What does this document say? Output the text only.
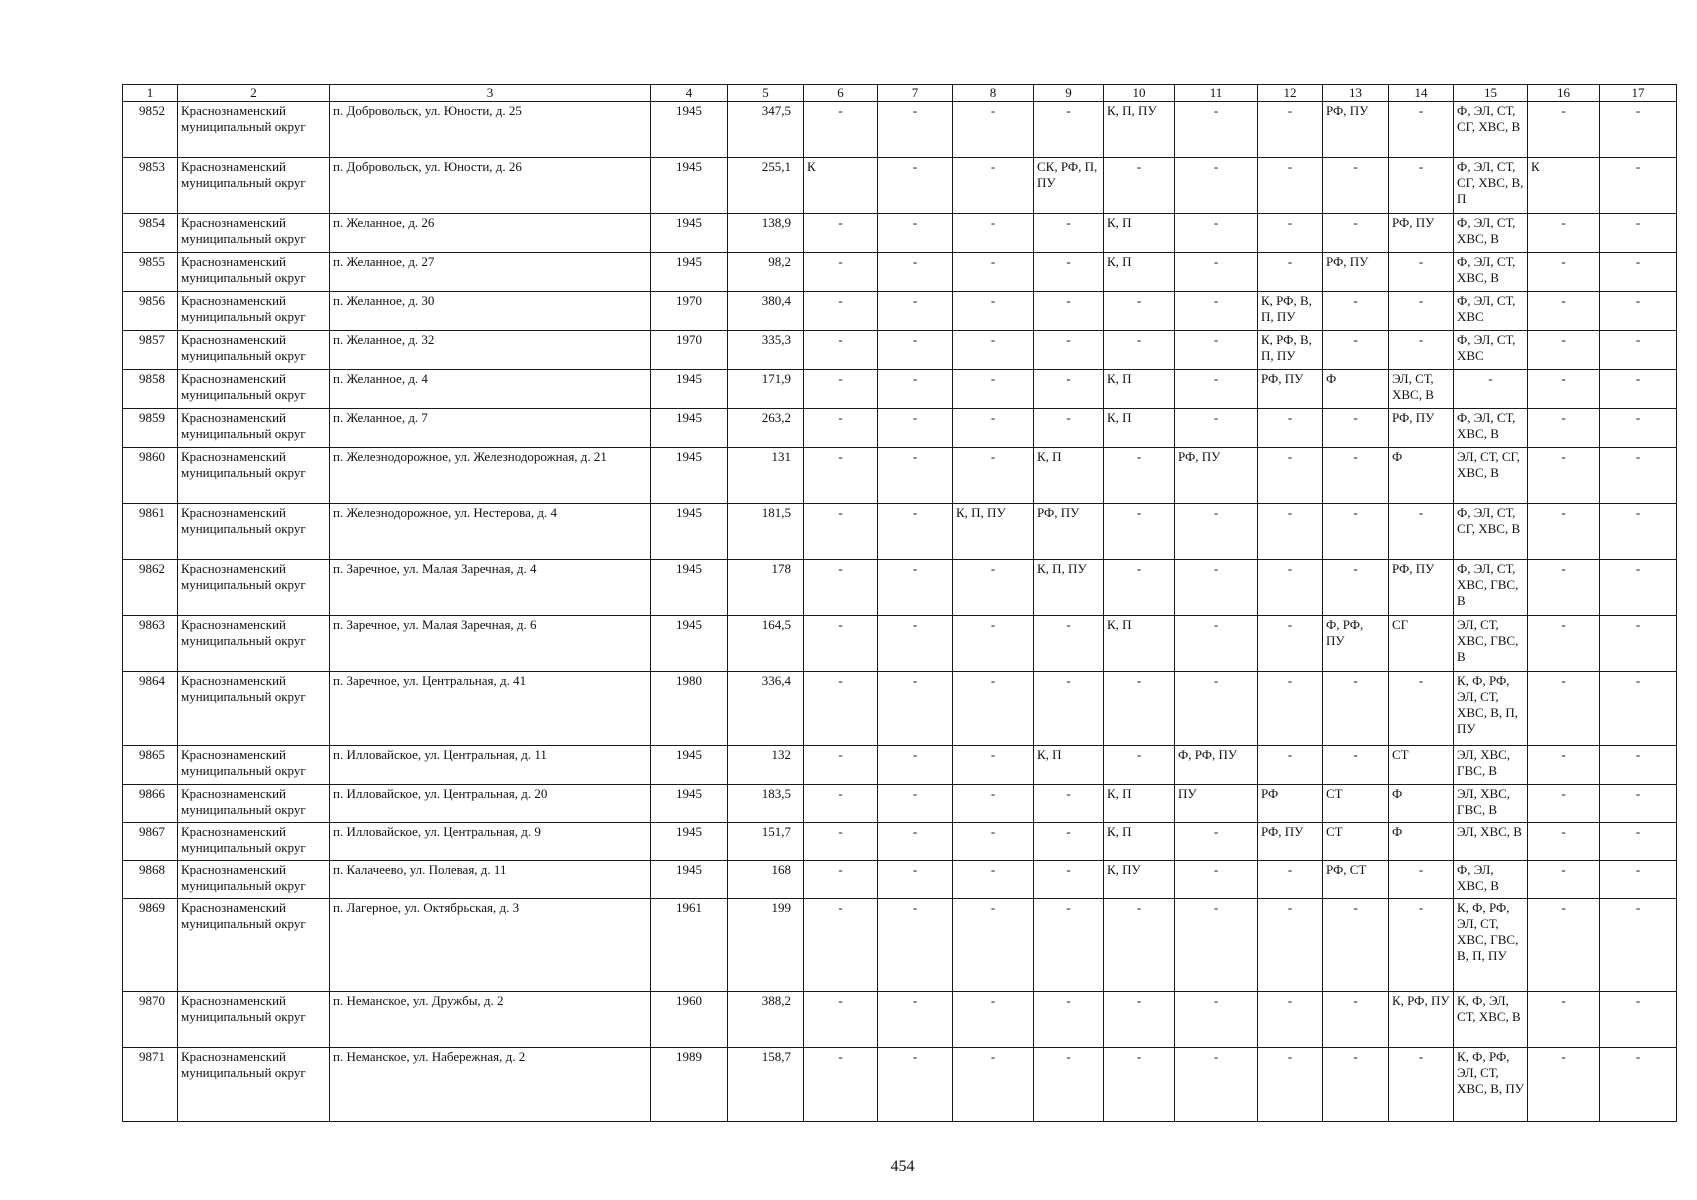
1	2	3	4	5	6	7	8	9	10	11	12	13	14	15	16	17
9852	Краснознаменский муниципальный округ	п. Добровольск, ул. Юности, д. 25	1945	347,5	-	-	-	-	К, П, ПУ	-	-	РФ, ПУ	-	Ф, ЭЛ, СТ, СГ, ХВС, В	-	-
9853	Краснознаменский муниципальный округ	п. Добровольск, ул. Юности, д. 26	1945	255,1	К	-	-	СК, РФ, П, ПУ	-	-	-	-	-	Ф, ЭЛ, СТ, СГ, ХВС, В, П	К	-
9854	Краснознаменский муниципальный округ	п. Желанное, д. 26	1945	138,9	-	-	-	-	К, П	-	-	-	РФ, ПУ	Ф, ЭЛ, СТ, ХВС, В	-	-
9855	Краснознаменский муниципальный округ	п. Желанное, д. 27	1945	98,2	-	-	-	-	К, П	-	-	РФ, ПУ	-	Ф, ЭЛ, СТ, ХВС, В	-	-
9856	Краснознаменский муниципальный округ	п. Желанное, д. 30	1970	380,4	-	-	-	-	-	-	К, РФ, В, П, ПУ	-	-	Ф, ЭЛ, СТ, ХВС	-	-
9857	Краснознаменский муниципальный округ	п. Желанное, д. 32	1970	335,3	-	-	-	-	-	-	К, РФ, В, П, ПУ	-	-	Ф, ЭЛ, СТ, ХВС	-	-
9858	Краснознаменский муниципальный округ	п. Желанное, д. 4	1945	171,9	-	-	-	-	К, П	-	РФ, ПУ	Ф	ЭЛ, СТ, ХВС, В	-	-	-
9859	Краснознаменский муниципальный округ	п. Желанное, д. 7	1945	263,2	-	-	-	-	К, П	-	-	-	РФ, ПУ	Ф, ЭЛ, СТ, ХВС, В	-	-
9860	Краснознаменский муниципальный округ	п. Железнодорожное, ул. Железнодорожная, д. 21	1945	131	-	-	-	К, П	-	РФ, ПУ	-	-	Ф	ЭЛ, СТ, СГ, ХВС, В	-	-
9861	Краснознаменский муниципальный округ	п. Железнодорожное, ул. Нестерова, д. 4	1945	181,5	-	-	К, П, ПУ	РФ, ПУ	-	-	-	-	-	Ф, ЭЛ, СТ, СГ, ХВС, В	-	-
9862	Краснознаменский муниципальный округ	п. Заречное, ул. Малая Заречная, д. 4	1945	178	-	-	-	К, П, ПУ	-	-	-	-	РФ, ПУ	Ф, ЭЛ, СТ, ХВС, ГВС, В	-	-
9863	Краснознаменский муниципальный округ	п. Заречное, ул. Малая Заречная, д. 6	1945	164,5	-	-	-	-	К, П	-	-	Ф, РФ, ПУ	СГ	ЭЛ, СТ, ХВС, ГВС, В	-	-
9864	Краснознаменский муниципальный округ	п. Заречное, ул. Центральная, д. 41	1980	336,4	-	-	-	-	-	-	-	-	-	К, Ф, РФ, ЭЛ, СТ, ХВС, В, П, ПУ	-	-
9865	Краснознаменский муниципальный округ	п. Илловайское, ул. Центральная, д. 11	1945	132	-	-	-	К, П	-	Ф, РФ, ПУ	-	-	СТ	ЭЛ, ХВС, ГВС, В	-	-
9866	Краснознаменский муниципальный округ	п. Илловайское, ул. Центральная, д. 20	1945	183,5	-	-	-	-	К, П	ПУ	РФ	СТ	Ф	ЭЛ, ХВС, ГВС, В	-	-
9867	Краснознаменский муниципальный округ	п. Илловайское, ул. Центральная, д. 9	1945	151,7	-	-	-	-	К, П	-	РФ, ПУ	СТ	Ф	ЭЛ, ХВС, В	-	-
9868	Краснознаменский муниципальный округ	п. Калачеево, ул. Полевая, д. 11	1945	168	-	-	-	-	К, ПУ	-	-	РФ, СТ	-	Ф, ЭЛ, ХВС, В	-	-
9869	Краснознаменский муниципальный округ	п. Лагерное, ул. Октябрьская, д. 3	1961	199	-	-	-	-	-	-	-	-	-	К, Ф, РФ, ЭЛ, СТ, ХВС, ГВС, В, П, ПУ	-	-
9870	Краснознаменский муниципальный округ	п. Неманское, ул. Дружбы, д. 2	1960	388,2	-	-	-	-	-	-	-	-	К, РФ, ПУ	К, Ф, ЭЛ, СТ, ХВС, В	-	-
9871	Краснознаменский муниципальный округ	п. Неманское, ул. Набережная, д. 2	1989	158,7	-	-	-	-	-	-	-	-	-	К, Ф, РФ, ЭЛ, СТ, ХВС, В, ПУ	-	-
454
